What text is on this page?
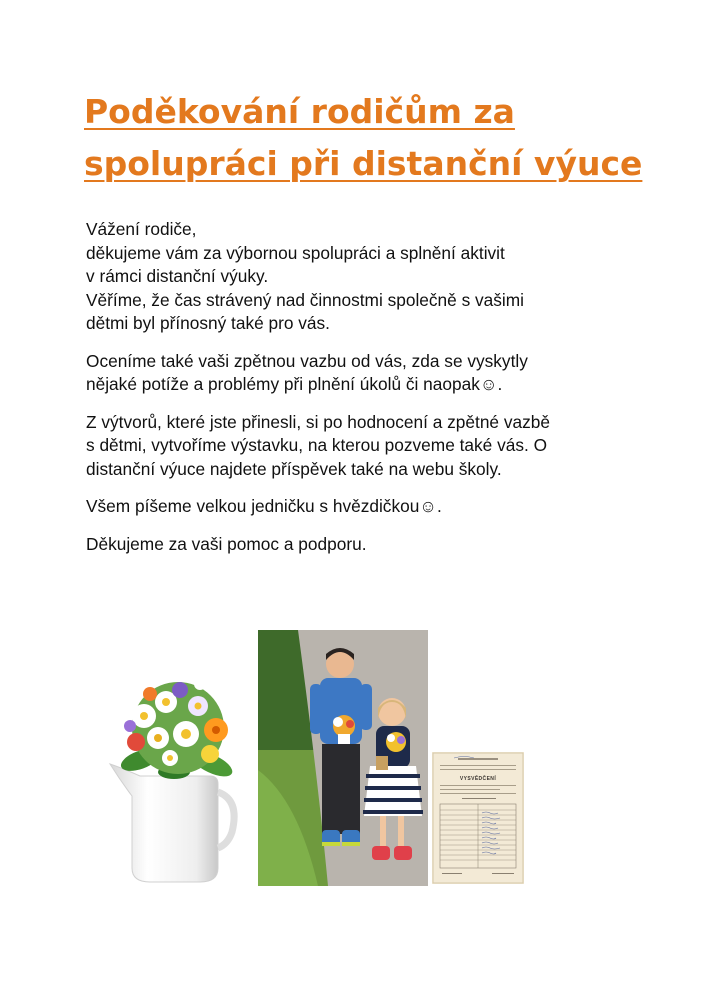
Poděkování rodičům za
spolupráci při distanční výuce

Vážení rodiče,
děkujeme vám za výbornou spolupráci a splnění aktivit
v rámci distanční výuky.
Věříme, že čas strávený nad činnostmi společně s vašimi
dětmi byl přínosný také pro vás.

Oceníme také vaši zpětnou vazbu od vás, zda se vyskytly
nějaké potíže a problémy při plnění úkolů či naopak☺.

Z výtvorů, které jste přinesli, si po hodnocení a zpětné vazbě
s dětmi, vytvoříme výstavku, na kterou pozveme také vás. O
distanční výuce najdete příspěvek také na webu školy.

Všem píšeme velkou jedničku s hvězdičkou☺.

Děkujeme za vaši pomoc a podporu.

VYSVĚDČENÍ
